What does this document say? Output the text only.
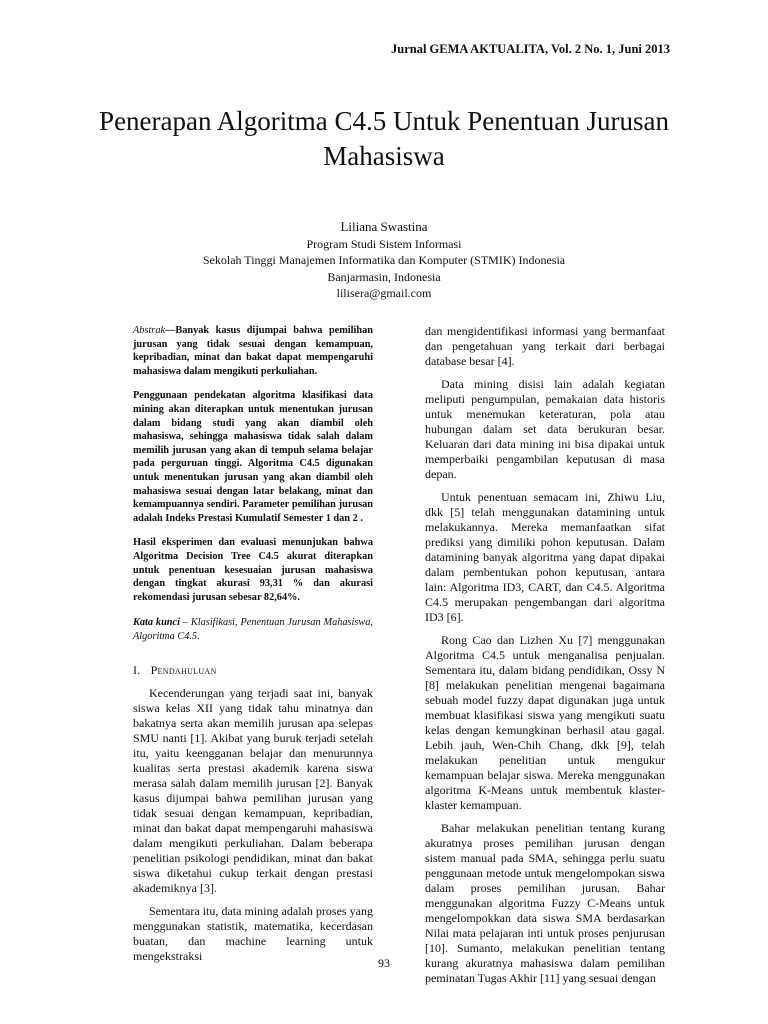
Jurnal GEMA AKTUALITA, Vol. 2 No. 1, Juni 2013
Penerapan Algoritma C4.5 Untuk Penentuan Jurusan Mahasiswa
Liliana Swastina
Program Studi Sistem Informasi
Sekolah Tinggi Manajemen Informatika dan Komputer (STMIK) Indonesia
Banjarmasin, Indonesia
lilisera@gmail.com
Abstrak—Banyak kasus dijumpai bahwa pemilihan jurusan yang tidak sesuai dengan kemampuan, kepribadian, minat dan bakat dapat mempengaruhi mahasiswa dalam mengikuti perkuliahan.
Penggunaan pendekatan algoritma klasifikasi data mining akan diterapkan untuk menentukan jurusan dalam bidang studi yang akan diambil oleh mahasiswa, sehingga mahasiswa tidak salah dalam memilih jurusan yang akan di tempuh selama belajar pada perguruan tinggi. Algoritma C4.5 digunakan untuk menentukan jurusan yang akan diambil oleh mahasiswa sesuai dengan latar belakang, minat dan kemampuannya sendiri. Parameter pemilihan jurusan adalah Indeks Prestasi Kumulatif Semester 1 dan 2 .
Hasil eksperimen dan evaluasi menunjukan bahwa Algoritma Decision Tree C4.5 akurat diterapkan untuk penentuan kesesuaian jurusan mahasiswa dengan tingkat akurasi 93,31 % dan akurasi rekomendasi jurusan sebesar 82,64%.
Kata kunci – Klasifikasi, Penentuan Jurusan Mahasiswa, Algoritma C4.5.
I. Pendahuluan

Kecenderungan yang terjadi saat ini, banyak siswa kelas XII yang tidak tahu minatnya dan bakatnya serta akan memilih jurusan apa selepas SMU nanti [1]. Akibat yang buruk terjadi setelah itu, yaitu keengganan belajar dan menurunnya kualitas serta prestasi akademik karena siswa merasa salah dalam memilih jurusan [2]. Banyak kasus dijumpai bahwa pemilihan jurusan yang tidak sesuai dengan kemampuan, kepribadian, minat dan bakat dapat mempengaruhi mahasiswa dalam mengikuti perkuliahan. Dalam beberapa penelitian psikologi pendidikan, minat dan bakat siswa diketahui cukup terkait dengan prestasi akademiknya [3].

Sementara itu, data mining adalah proses yang menggunakan statistik, matematika, kecerdasan buatan, dan machine learning untuk mengekstraksi

dan mengidentifikasi informasi yang bermanfaat dan pengetahuan yang terkait dari berbagai database besar [4].

Data mining disisi lain adalah kegiatan meliputi pengumpulan, pemakaian data historis untuk menemukan keteraturan, pola atau hubungan dalam set data berukuran besar. Keluaran dari data mining ini bisa dipakai untuk memperbaiki pengambilan keputusan di masa depan.

Untuk penentuan semacam ini, Zhiwu Liu, dkk [5] telah menggunakan datamining untuk melakukannya. Mereka memanfaatkan sifat prediksi yang dimiliki pohon keputusan. Dalam datamining banyak algoritma yang dapat dipakai dalam pembentukan pohon keputusan, antara lain: Algoritma ID3, CART, dan C4.5. Algoritma C4.5 merupakan pengembangan dari algoritma ID3 [6].

Rong Cao dan Lizhen Xu [7] menggunakan Algoritma C4.5 untuk menganalisa penjualan. Sementara itu, dalam bidang pendidikan, Ossy N [8] melakukan penelitian mengenai bagaimana sebuah model fuzzy dapat digunakan juga untuk membuat klasifikasi siswa yang mengikuti suatu kelas dengan kemungkinan berhasil atau gagal. Lebih jauh, Wen-Chih Chang, dkk [9], telah melakukan penelitian untuk mengukur kemampuan belajar siswa. Mereka menggunakan algoritma K-Means untuk membentuk klaster-klaster kemampuan.

Bahar melakukan penelitian tentang kurang akuratnya proses pemilihan jurusan dengan sistem manual pada SMA, sehingga perlu suatu penggunaan metode untuk mengelompokan siswa dalam proses pemilihan jurusan. Bahar menggunakan algoritma Fuzzy C-Means untuk mengelompokkan data siswa SMA berdasarkan Nilai mata pelajaran inti untuk proses penjurusan [10]. Sumanto, melakukan penelitian tentang kurang akuratnya mahasiswa dalam pemilihan peminatan Tugas Akhir [11] yang sesuai dengan

93
